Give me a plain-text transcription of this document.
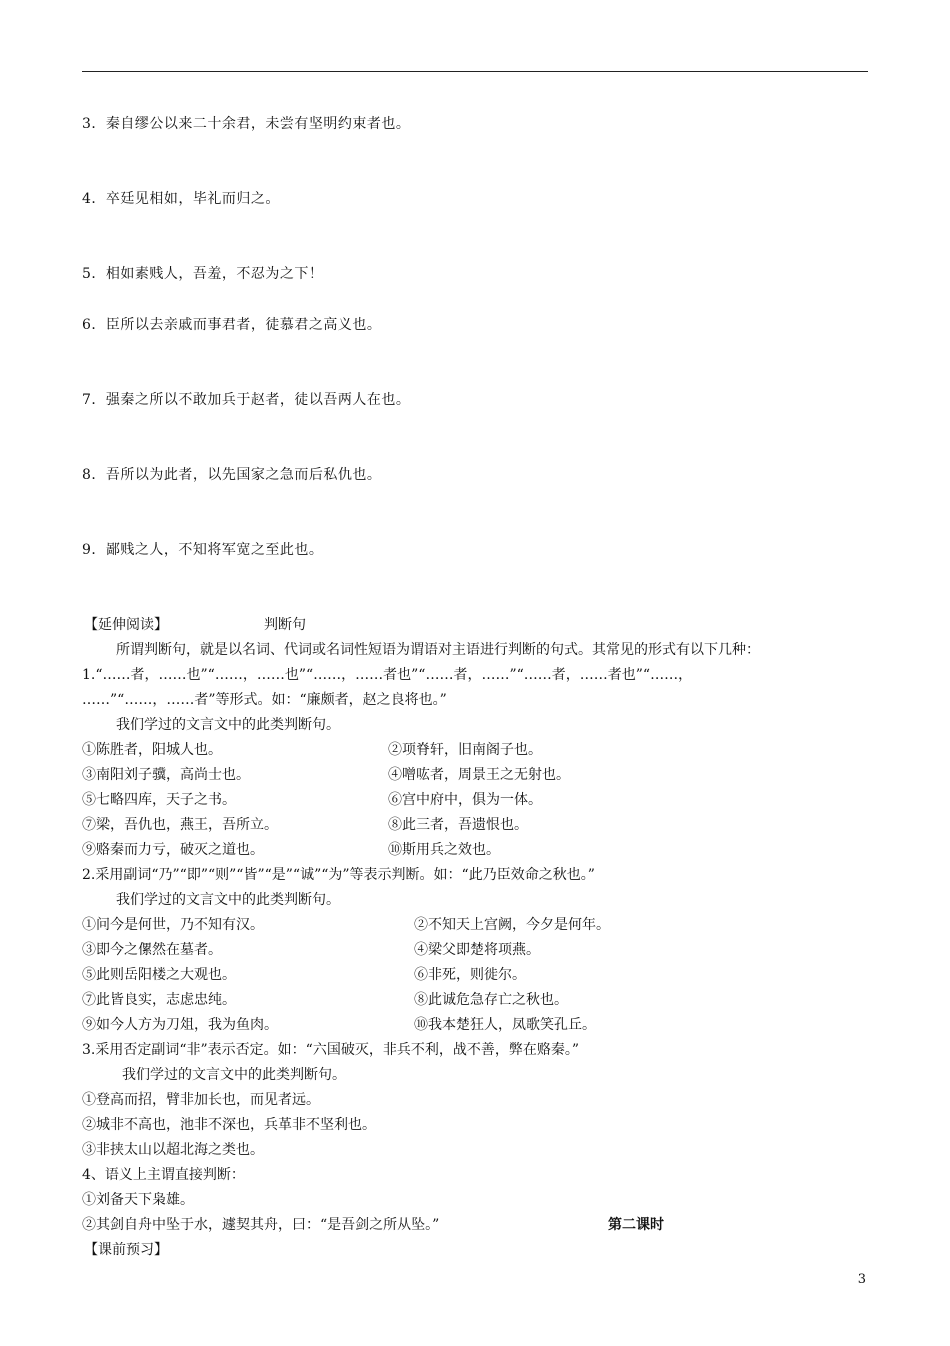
3．秦自缪公以来二十余君，未尝有坚明约束者也。
4．卒廷见相如，毕礼而归之。
5．相如素贱人，吾羞，不忍为之下！
6．臣所以去亲戚而事君者，徒慕君之高义也。
7．强秦之所以不敢加兵于赵者，徒以吾两人在也。
8．吾所以为此者，以先国家之急而后私仇也。
9．鄙贱之人，不知将军宽之至此也。
【延伸阅读】	判断句
所谓判断句，就是以名词、代词或名词性短语为谓语对主语进行判断的句式。其常见的形式有以下几种：
1.“……者，……也”“……，……也”“……，……者也”“……者，……”“……者，……者也”“……，
……”“……，……者”等形式。如：“廉颇者，赵之良将也。”
我们学过的文言文中的此类判断句。
①陈胜者，阳城人也。	②项脊轩，旧南阁子也。
③南阳刘子骥，高尚士也。	④噌吰者，周景王之无射也。
⑤七略四库，天子之书。	⑥宫中府中，俱为一体。
⑦梁，吾仇也，燕王，吾所立。	⑧此三者，吾遗恨也。
⑨赂秦而力亏，破灭之道也。	⑩斯用兵之效也。
2.采用副词“乃”“即”“则”“皆”“是”“诚”“为”等表示判断。如：“此乃臣效命之秋也。”
我们学过的文言文中的此类判断句。
①问今是何世，乃不知有汉。	②不知天上宫阙，今夕是何年。
③即今之傫然在墓者。	④梁父即楚将项燕。
⑤此则岳阳楼之大观也。	⑥非死，则徙尔。
⑦此皆良实，志虑忠纯。	⑧此诚危急存亡之秋也。
⑨如今人方为刀俎，我为鱼肉。	⑩我本楚狂人，凤歌笑孔丘。
3.采用否定副词“非”表示否定。如：“六国破灭，非兵不利，战不善，弊在赂秦。”
我们学过的文言文中的此类判断句。
①登高而招，臂非加长也，而见者远。
②城非不高也，池非不深也，兵革非不坚利也。
③非挟太山以超北海之类也。
4、语义上主谓直接判断：
①刘备天下枭雄。
②其剑自舟中坠于水，遽契其舟，曰：“是吾剑之所从坠。”	第二课时
【课前预习】
3
